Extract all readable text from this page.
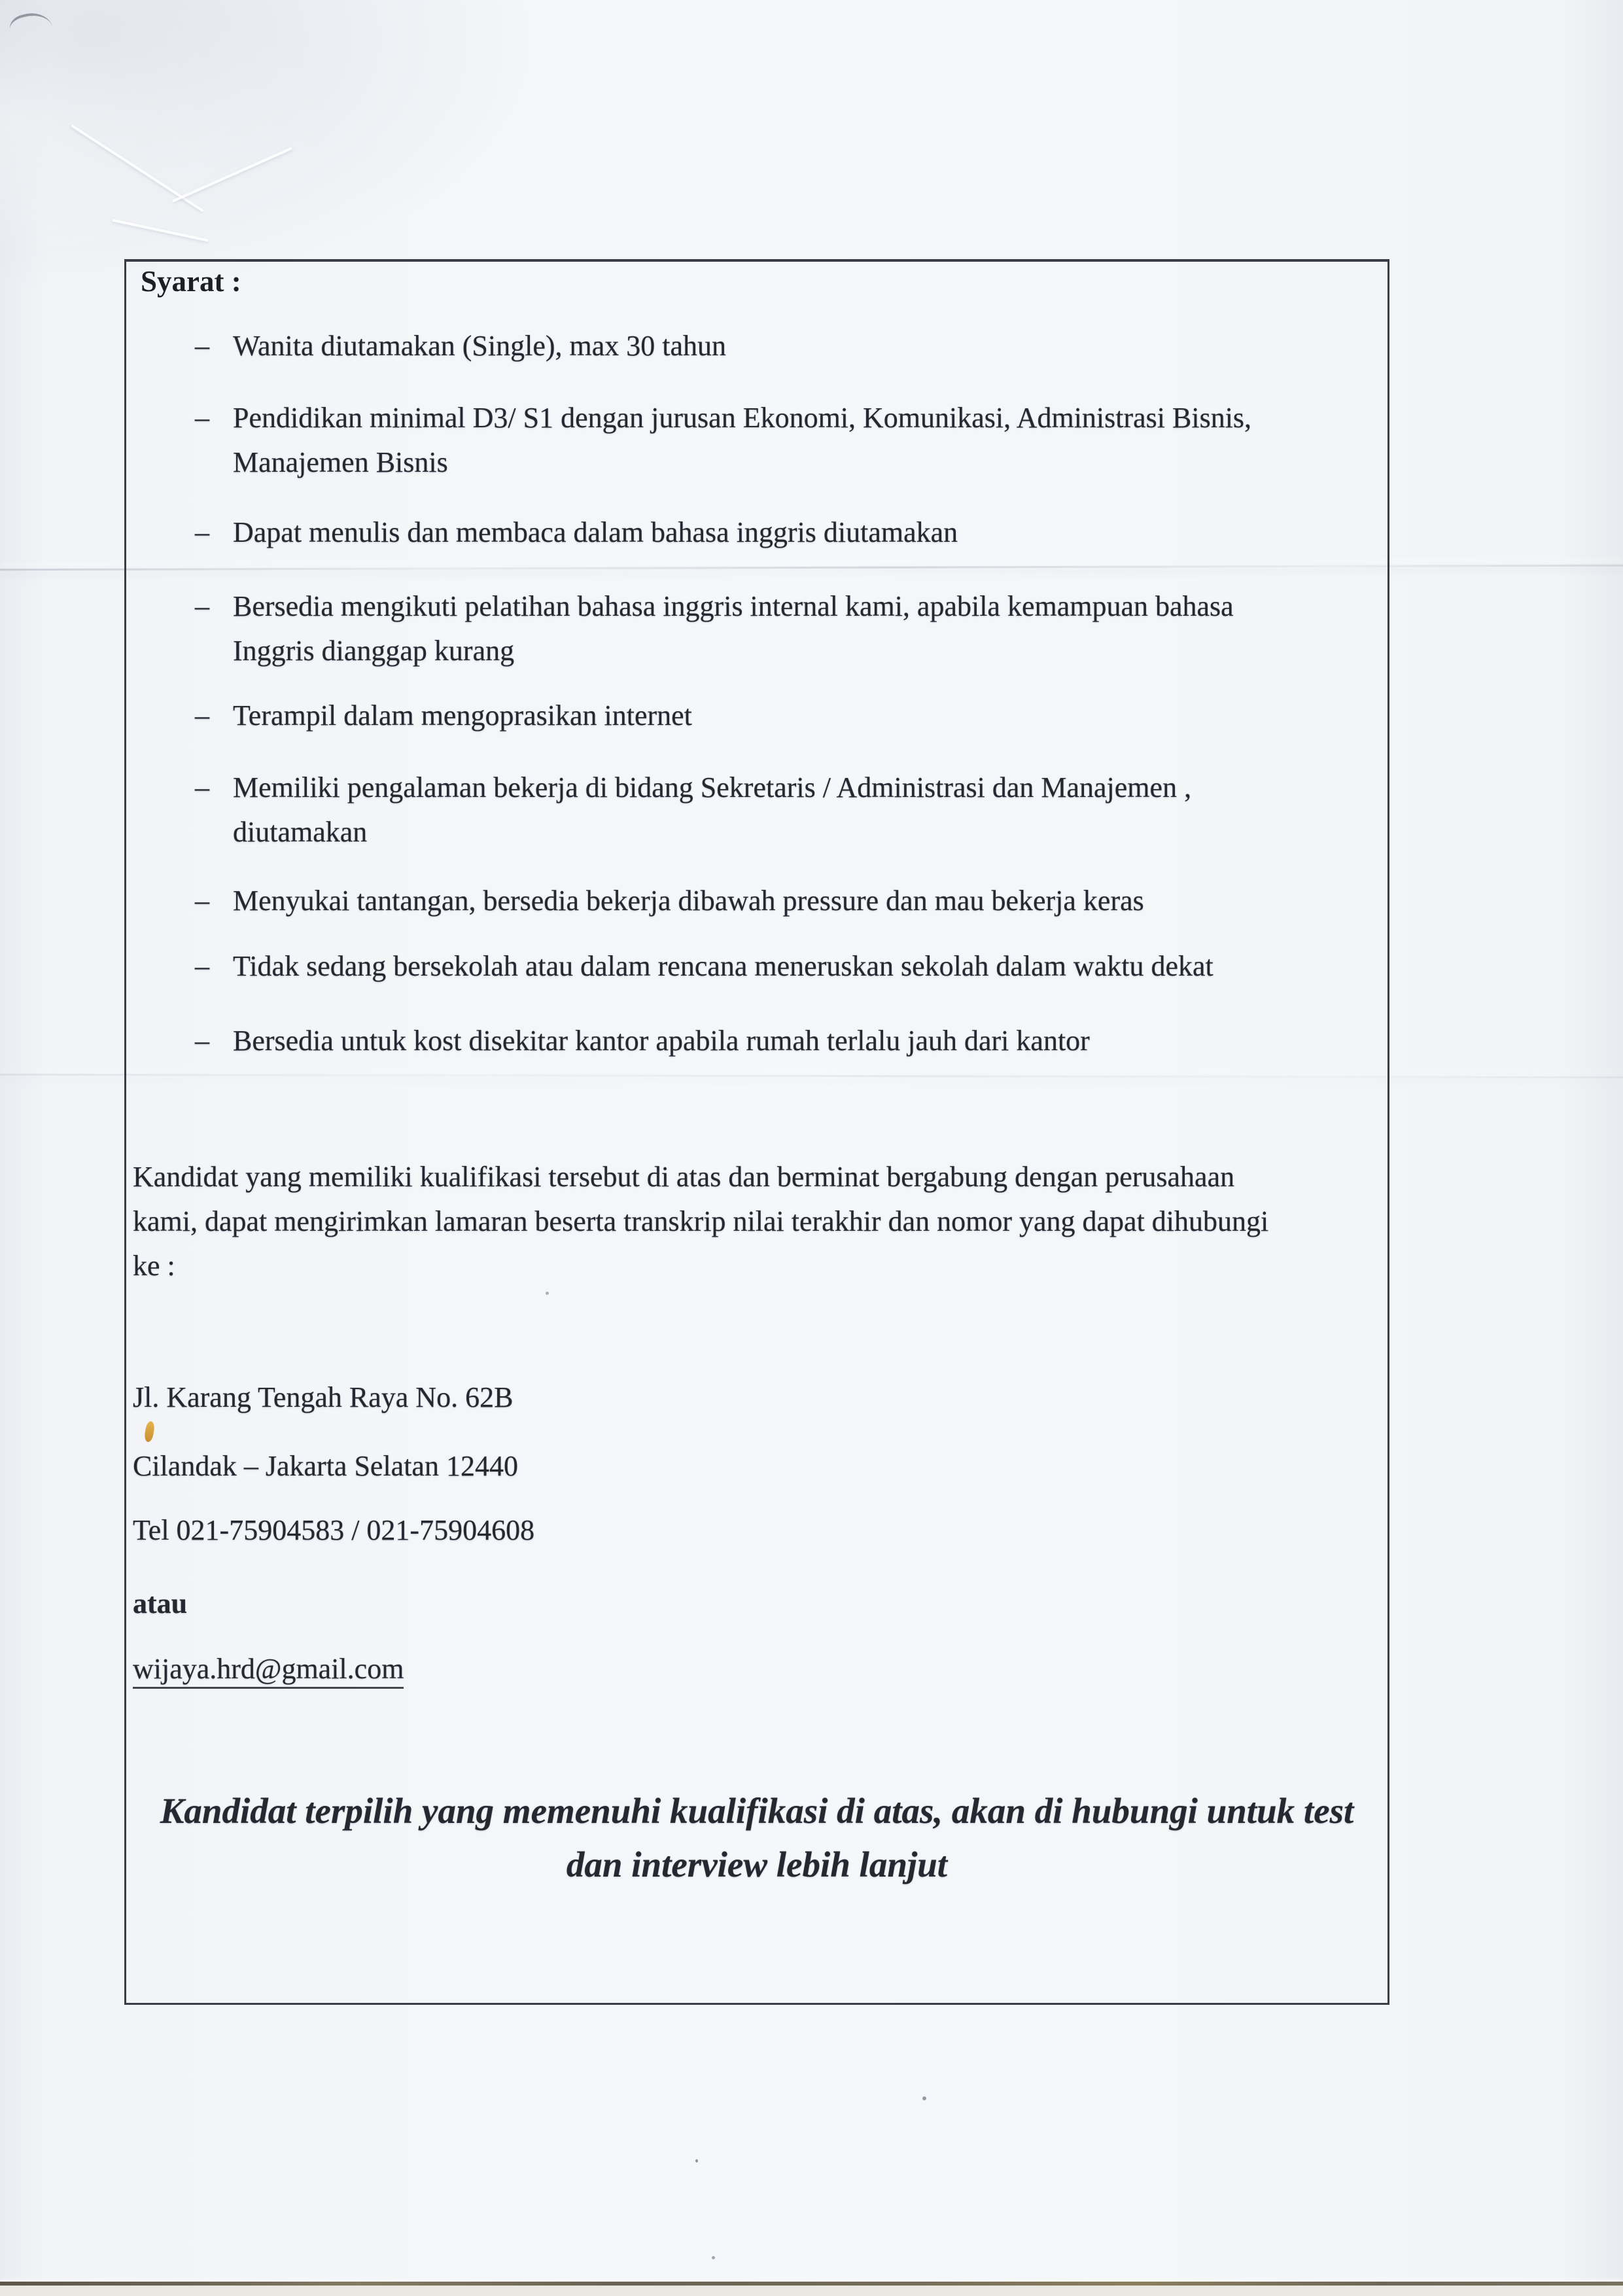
Syarat :
– Wanita diutamakan (Single), max 30 tahun
– Pendidikan minimal D3/ S1 dengan jurusan Ekonomi, Komunikasi, Administrasi Bisnis,
Manajemen Bisnis
– Dapat menulis dan membaca dalam bahasa inggris diutamakan
– Bersedia mengikuti pelatihan bahasa inggris internal kami, apabila kemampuan bahasa
Inggris dianggap kurang
– Terampil dalam mengoprasikan internet
– Memiliki pengalaman bekerja di bidang Sekretaris / Administrasi dan Manajemen ,
diutamakan
– Menyukai tantangan, bersedia bekerja dibawah pressure dan mau bekerja keras
– Tidak sedang bersekolah atau dalam rencana meneruskan sekolah dalam waktu dekat
– Bersedia untuk kost disekitar kantor apabila rumah terlalu jauh dari kantor
Kandidat yang memiliki kualifikasi tersebut di atas dan berminat bergabung dengan perusahaan
kami, dapat mengirimkan lamaran beserta transkrip nilai terakhir dan nomor yang dapat dihubungi
ke :
Jl. Karang Tengah Raya No. 62B
Cilandak – Jakarta Selatan 12440
Tel 021-75904583 / 021-75904608
atau
wijaya.hrd@gmail.com
Kandidat terpilih yang memenuhi kualifikasi di atas, akan di hubungi untuk test
dan interview lebih lanjut
